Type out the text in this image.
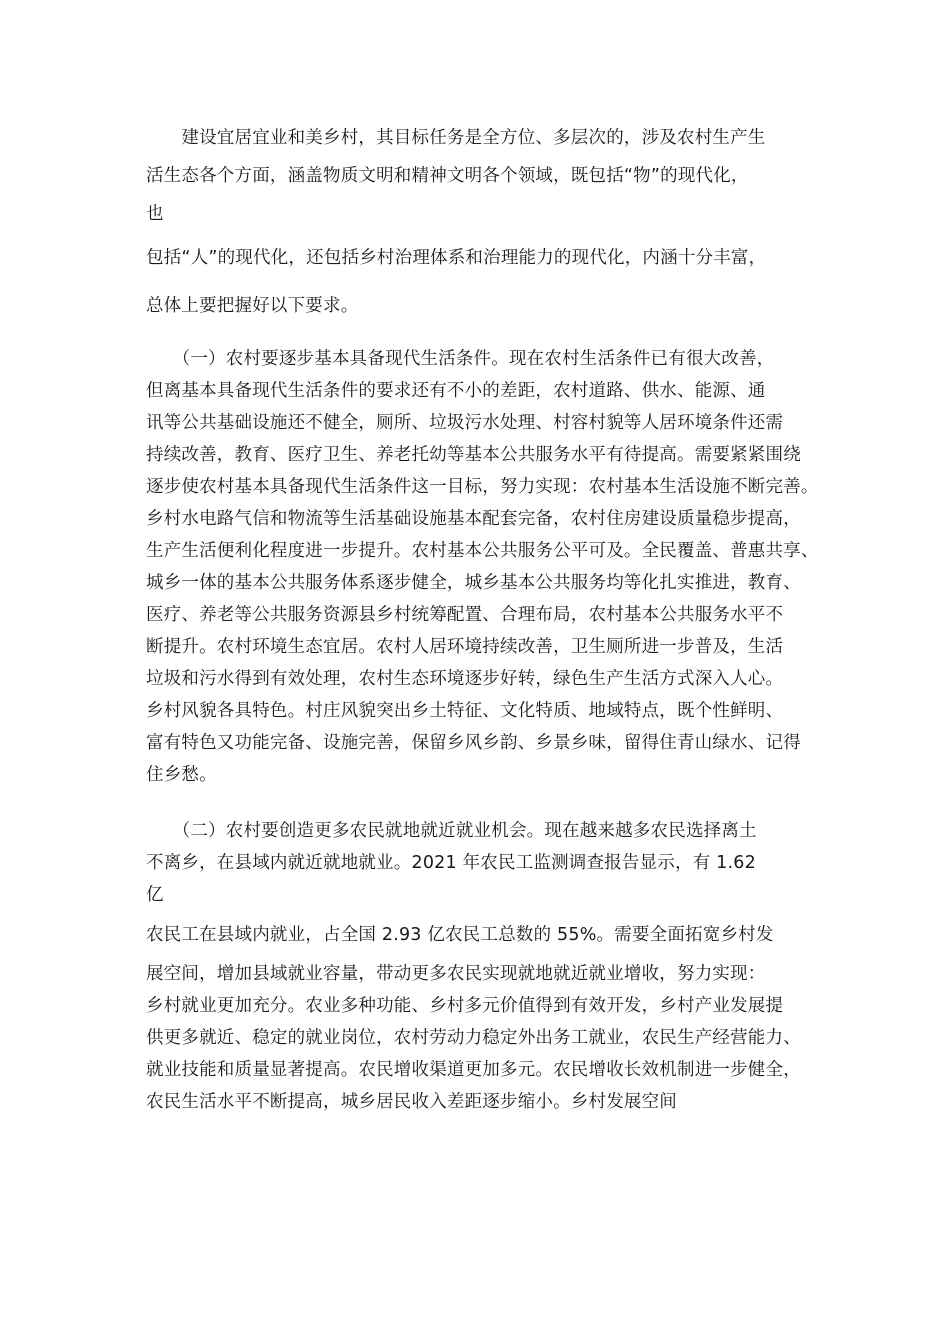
　　建设宜居宜业和美乡村，其目标任务是全方位、多层次的，涉及农村生产生
活生态各个方面，涵盖物质文明和精神文明各个领域，既包括“物”的现代化，
也
包括“人”的现代化，还包括乡村治理体系和治理能力的现代化，内涵十分丰富，
总体上要把握好以下要求。
　　（一）农村要逐步基本具备现代生活条件。现在农村生活条件已有很大改善，
但离基本具备现代生活条件的要求还有不小的差距，农村道路、供水、能源、通
讯等公共基础设施还不健全，厕所、垃圾污水处理、村容村貌等人居环境条件还需
持续改善，教育、医疗卫生、养老托幼等基本公共服务水平有待提高。需要紧紧围绕
逐步使农村基本具备现代生活条件这一目标，努力实现：农村基本生活设施不断完善。
乡村水电路气信和物流等生活基础设施基本配套完备，农村住房建设质量稳步提高，
生产生活便利化程度进一步提升。农村基本公共服务公平可及。全民覆盖、普惠共享、
城乡一体的基本公共服务体系逐步健全，城乡基本公共服务均等化扎实推进，教育、
医疗、养老等公共服务资源县乡村统筹配置、合理布局，农村基本公共服务水平不
断提升。农村环境生态宜居。农村人居环境持续改善，卫生厕所进一步普及，生活
垃圾和污水得到有效处理，农村生态环境逐步好转，绿色生产生活方式深入人心。
乡村风貌各具特色。村庄风貌突出乡土特征、文化特质、地域特点，既个性鲜明、
富有特色又功能完备、设施完善，保留乡风乡韵、乡景乡味，留得住青山绿水、记得
住乡愁。
　　（二）农村要创造更多农民就地就近就业机会。现在越来越多农民选择离土
不离乡，在县域内就近就地就业。2021 年农民工监测调查报告显示，有 1.62
亿
农民工在县域内就业，占全国 2.93 亿农民工总数的 55%。需要全面拓宽乡村发
展空间，增加县域就业容量，带动更多农民实现就地就近就业增收，努力实现：
乡村就业更加充分。农业多种功能、乡村多元价值得到有效开发，乡村产业发展提
供更多就近、稳定的就业岗位，农村劳动力稳定外出务工就业，农民生产经营能力、
就业技能和质量显著提高。农民增收渠道更加多元。农民增收长效机制进一步健全，
农民生活水平不断提高，城乡居民收入差距逐步缩小。乡村发展空间
